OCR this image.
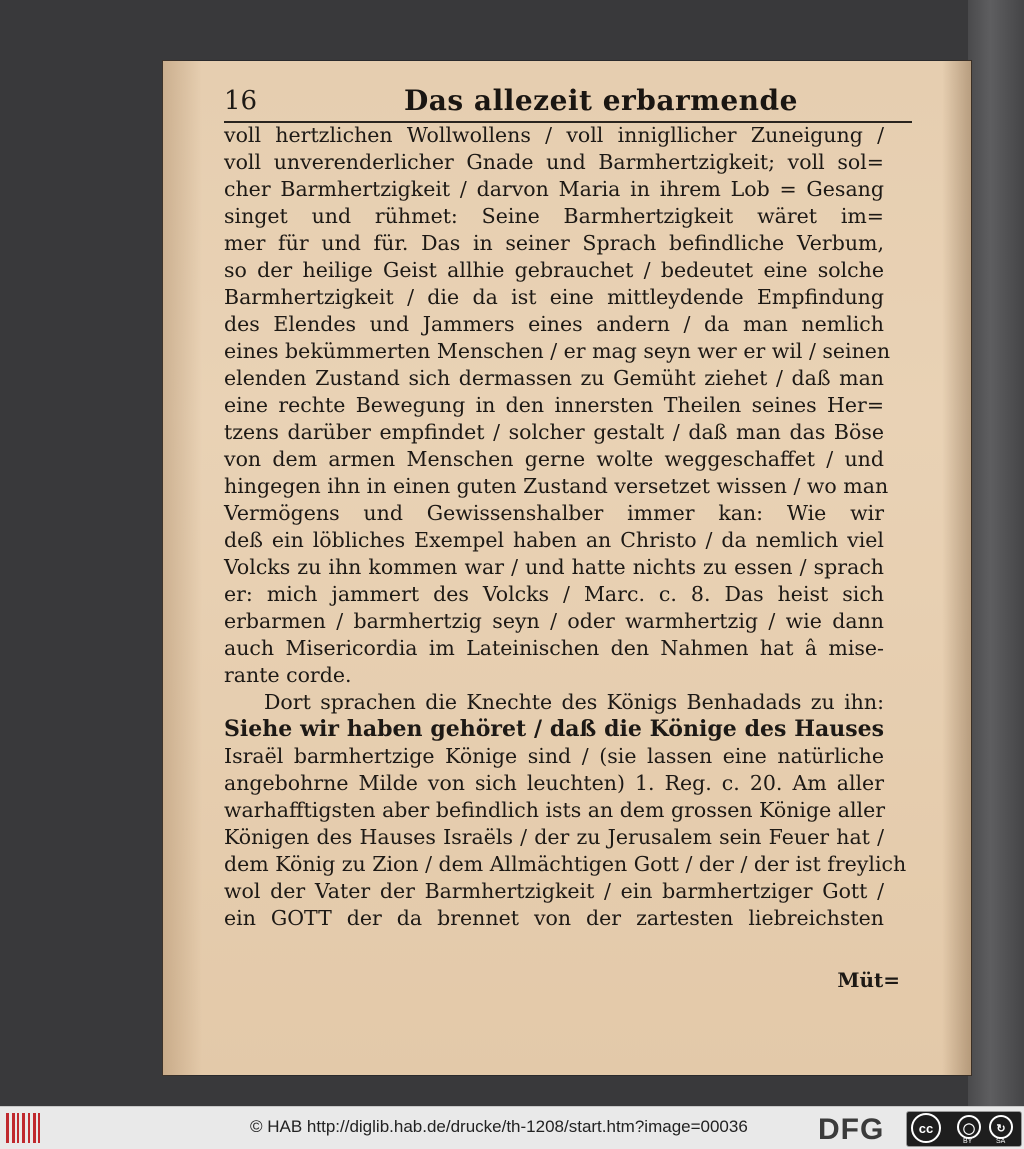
16	Das allezeit erbarmende
voll hertzlichen Wollwollens / voll innigllicher Zuneigung /
voll unverenderlicher Gnade und Barmhertzigkeit; voll sol=
cher Barmhertzigkeit / darvon Maria in ihrem Lob = Gesang
singet und rühmet: Seine Barmhertzigkeit wäret im=
mer für und für. Das in seiner Sprach befindliche Verbum,
so der heilige Geist allhie gebrauchet / bedeutet eine solche
Barmhertzigkeit / die da ist eine mittleydende Empfindung
des Elendes und Jammers eines andern / da man nemlich
eines bekümmerten Menschen / er mag seyn wer er wil / seinen
elenden Zustand sich dermassen zu Gemüht ziehet / daß man
eine rechte Bewegung in den innersten Theilen seines Her=
tzens darüber empfindet / solcher gestalt / daß man das Böse
von dem armen Menschen gerne wolte weggeschaffet / und
hingegen ihn in einen guten Zustand versetzet wissen / wo man
Vermögens und Gewissenshalber immer kan: Wie wir
deß ein löbliches Exempel haben an Christo / da nemlich viel
Volcks zu ihn kommen war / und hatte nichts zu essen / sprach
er: mich jammert des Volcks / Marc. c. 8. Das heist sich
erbarmen / barmhertzig seyn / oder warmhertzig / wie dann
auch Misericordia im Lateinischen den Nahmen hat â mise-
rante corde.
Dort sprachen die Knechte des Königs Benhadads zu ihn:
Siehe wir haben gehöret / daß die Könige des Hauses
Israël barmhertzige Könige sind / (sie lassen eine natürliche
angebohrne Milde von sich leuchten) 1. Reg. c. 20. Am aller
warhafftigsten aber befindlich ists an dem grossen Könige aller
Königen des Hauses Israëls / der zu Jerusalem sein Feuer hat /
dem König zu Zion / dem Allmächtigen Gott / der / der ist freylich
wol der Vater der Barmhertzigkeit / ein barmhertziger Gott /
ein GOTT der da brennet von der zartesten liebreichsten
Müt=
© HAB http://diglib.hab.de/drucke/th-1208/start.htm?image=00036 DFG	cc	◯	↻
BY	SA
